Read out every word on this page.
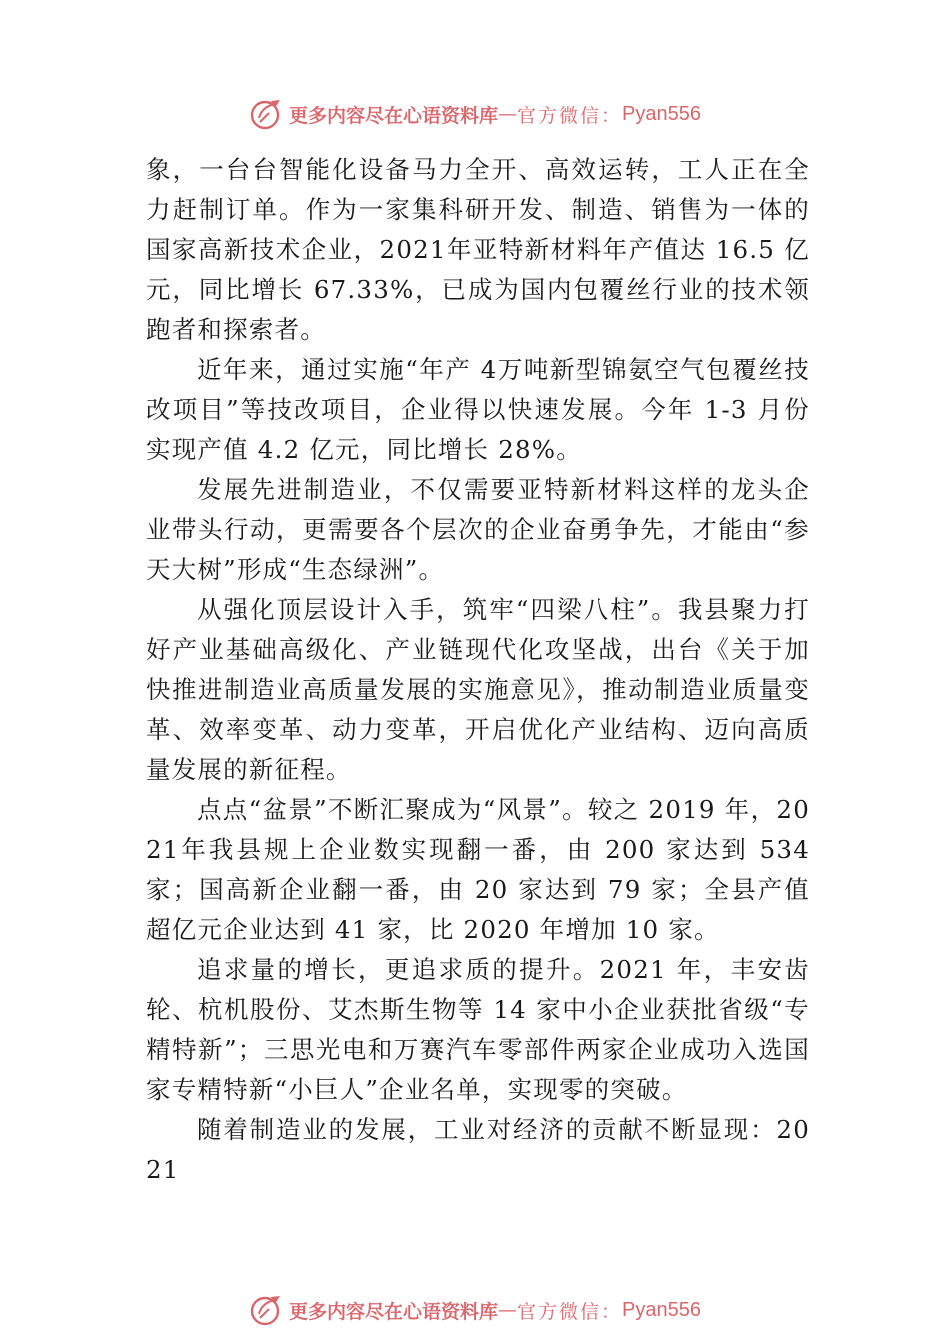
更多内容尽在心语资料库 — 官方微信： Pyan556

象，一台台智能化设备马力全开、高效运转，工人正在全力赶制订单。作为一家集科研开发、制造、销售为一体的国家高新技术企业，2021年亚特新材料年产值达 16.5 亿元，同比增长 67.33%，已成为国内包覆丝行业的技术领跑者和探索者。

近年来，通过实施“年产 4万吨新型锦氨空气包覆丝技改项目”等技改项目，企业得以快速发展。今年 1-3 月份实现产值 4.2 亿元，同比增长 28%。

发展先进制造业，不仅需要亚特新材料这样的龙头企业带头行动，更需要各个层次的企业奋勇争先，才能由“参天大树”形成“生态绿洲”。

从强化顶层设计入手，筑牢“四梁八柱”。我县聚力打好产业基础高级化、产业链现代化攻坚战，出台《关于加快推进制造业高质量发展的实施意见》，推动制造业质量变革、效率变革、动力变革，开启优化产业结构、迈向高质量发展的新征程。

点点“盆景”不断汇聚成为“风景”。较之 2019 年，2021年我县规上企业数实现翻一番，由 200 家达到 534 家；国高新企业翻一番，由 20 家达到 79 家；全县产值超亿元企业达到 41 家，比 2020 年增加 10 家。

追求量的增长，更追求质的提升。2021 年，丰安齿轮、杭机股份、艾杰斯生物等 14 家中小企业获批省级“专精特新”；三思光电和万赛汽车零部件两家企业成功入选国家专精特新“小巨人”企业名单，实现零的突破。

随着制造业的发展，工业对经济的贡献不断显现：2021

更多内容尽在心语资料库 — 官方微信： Pyan556
